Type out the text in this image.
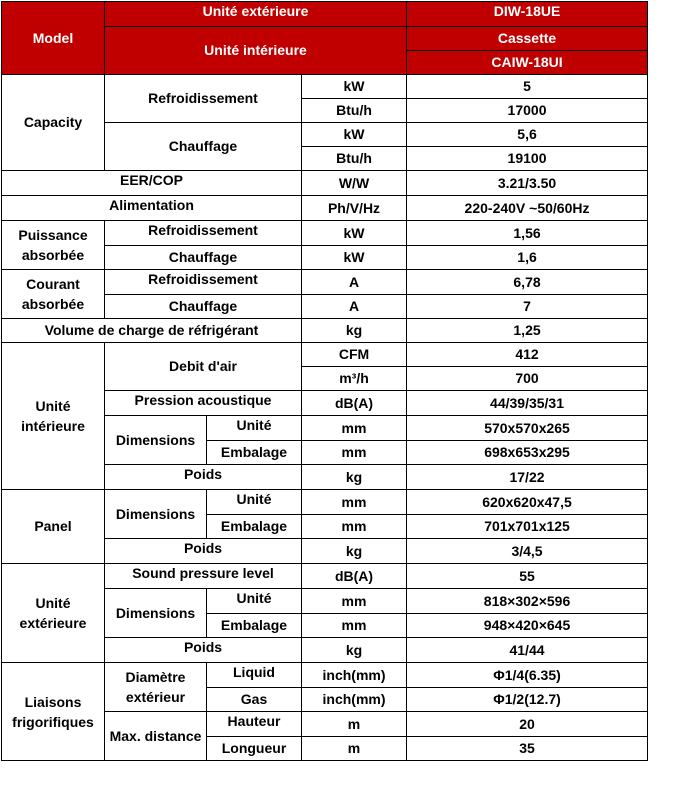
Model	Unité extérieure			DIW-18UE
	Unité intérieure			Cassette
				CAIW-18UI
Capacity	Refroidissement		kW	5
			Btu/h	17000
	Chauffage		kW	5,6
			Btu/h	19100
EER/COP			W/W	3.21/3.50
Alimentation			Ph/V/Hz	220-240V ~50/60Hz
Puissance absorbée	Refroidissement		kW	1,56
	Chauffage		kW	1,6
Courant absorbée	Refroidissement		A	6,78
	Chauffage		A	7
Volume de charge de réfrigérant			kg	1,25
Unité intérieure	Debit d'air		CFM	412
			m³/h	700
	Pression acoustique		dB(A)	44/39/35/31
	Dimensions	Unité	mm	570x570x265
		Embalage	mm	698x653x295
	Poids		kg	17/22
Panel	Dimensions	Unité	mm	620x620x47,5
		Embalage	mm	701x701x125
	Poids		kg	3/4,5
Unité extérieure	Sound pressure level		dB(A)	55
	Dimensions	Unité	mm	818×302×596
		Embalage	mm	948×420×645
	Poids		kg	41/44
Liaisons frigorifiques	Diamètre extérieur	Liquid	inch(mm)	Φ1/4(6.35)
		Gas	inch(mm)	Φ1/2(12.7)
	Max. distance	Hauteur	m	20
		Longueur	m	35
